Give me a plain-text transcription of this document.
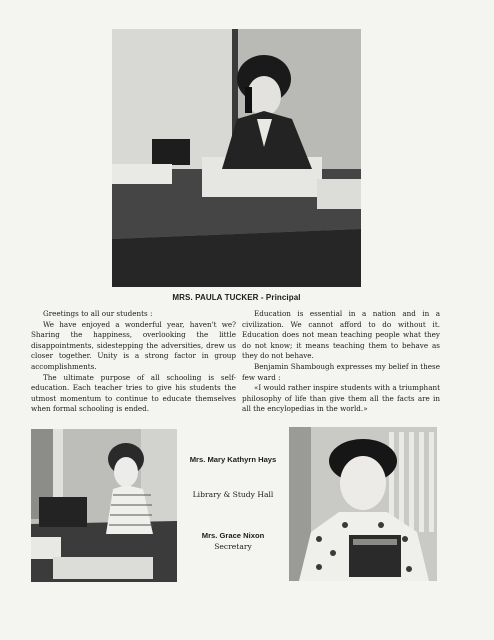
MRS. PAULA TUCKER - Principal

Greetings to all our students :

We have enjoyed a wonderful year, haven't we? Sharing the happiness, overlooking the little disappointments, sidestepping the adversities, drew us closer together. Unity is a strong factor in group accomplishments.

The ultimate purpose of all schooling is self-education. Each teacher tries to give his students the utmost momentum to continue to educate themselves when formal schooling is ended.

Education is essential in a nation and in a civilization. We cannot afford to do without it. Education does not mean teaching people what they do not know; it means teaching them to behave as they do not behave.

Benjamin Shambough expresses my belief in these few ward :

«I would rather inspire students with a triumphant philosophy of life than give them all the facts are in all the encylopedias in the world.»

Mrs. Mary Kathyrn Hays
Library & Study Hall
Mrs. Grace Nixon
Secretary
